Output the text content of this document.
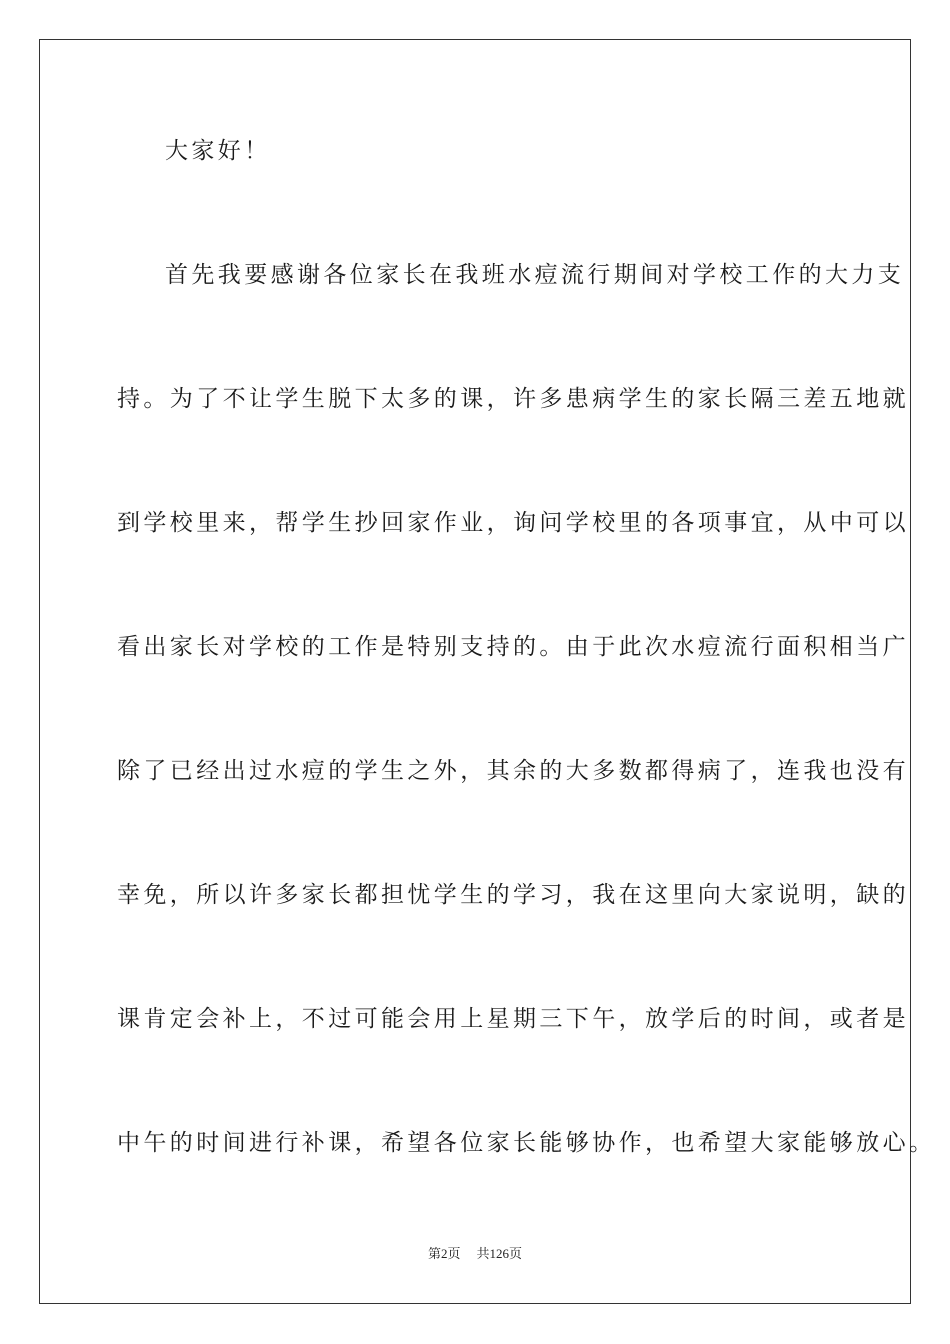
大家好！
首先我要感谢各位家长在我班水痘流行期间对学校工作的大力支
持。为了不让学生脱下太多的课，许多患病学生的家长隔三差五地就
到学校里来，帮学生抄回家作业，询问学校里的各项事宜，从中可以
看出家长对学校的工作是特别支持的。由于此次水痘流行面积相当广
除了已经出过水痘的学生之外，其余的大多数都得病了，连我也没有
幸免，所以许多家长都担忧学生的学习，我在这里向大家说明，缺的
课肯定会补上，不过可能会用上星期三下午，放学后的时间，或者是
中午的时间进行补课，希望各位家长能够协作，也希望大家能够放心。
第2页 共126页
